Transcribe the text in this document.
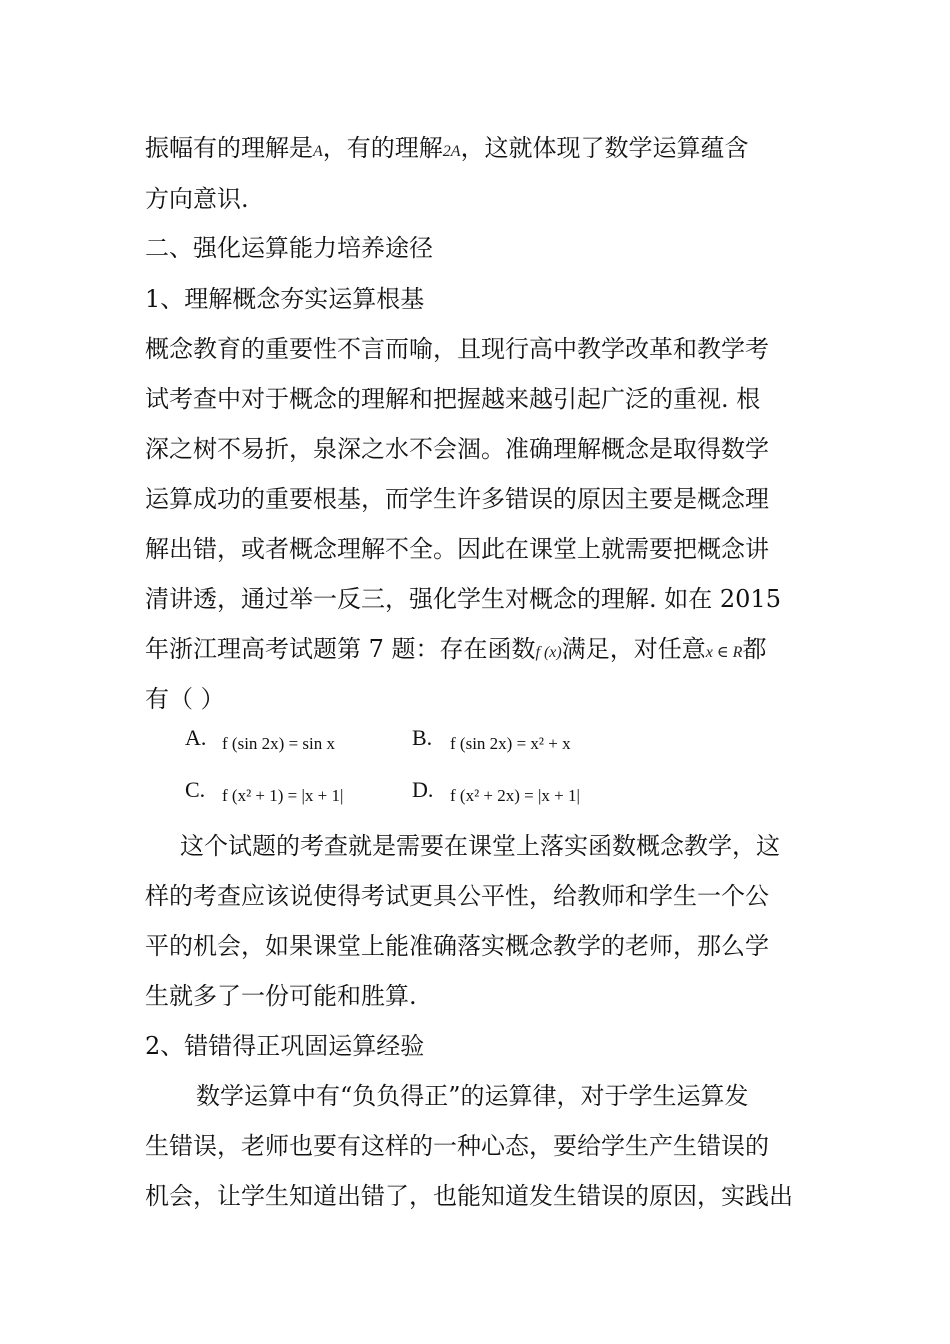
振幅有的理解是A，有的理解2A，这就体现了数学运算蕴含
方向意识.
二、强化运算能力培养途径
1、理解概念夯实运算根基
概念教育的重要性不言而喻，且现行高中教学改革和教学考
试考查中对于概念的理解和把握越来越引起广泛的重视. 根
深之树不易折，泉深之水不会涸。准确理解概念是取得数学
运算成功的重要根基，而学生许多错误的原因主要是概念理
解出错，或者概念理解不全。因此在课堂上就需要把概念讲
清讲透，通过举一反三，强化学生对概念的理解. 如在 2015
年浙江理高考试题第 7 题：存在函数f (x)满足，对任意x ∈ R都
有（ ）
A. f (sin 2x) = sin x	B. f (sin 2x) = x² + x
C. f (x² + 1) = |x + 1|	D. f (x² + 2x) = |x + 1|
这个试题的考查就是需要在课堂上落实函数概念教学，这
样的考查应该说使得考试更具公平性，给教师和学生一个公
平的机会，如果课堂上能准确落实概念教学的老师，那么学
生就多了一份可能和胜算.
2、错错得正巩固运算经验
数学运算中有“负负得正”的运算律，对于学生运算发
生错误，老师也要有这样的一种心态，要给学生产生错误的
机会，让学生知道出错了，也能知道发生错误的原因，实践出
